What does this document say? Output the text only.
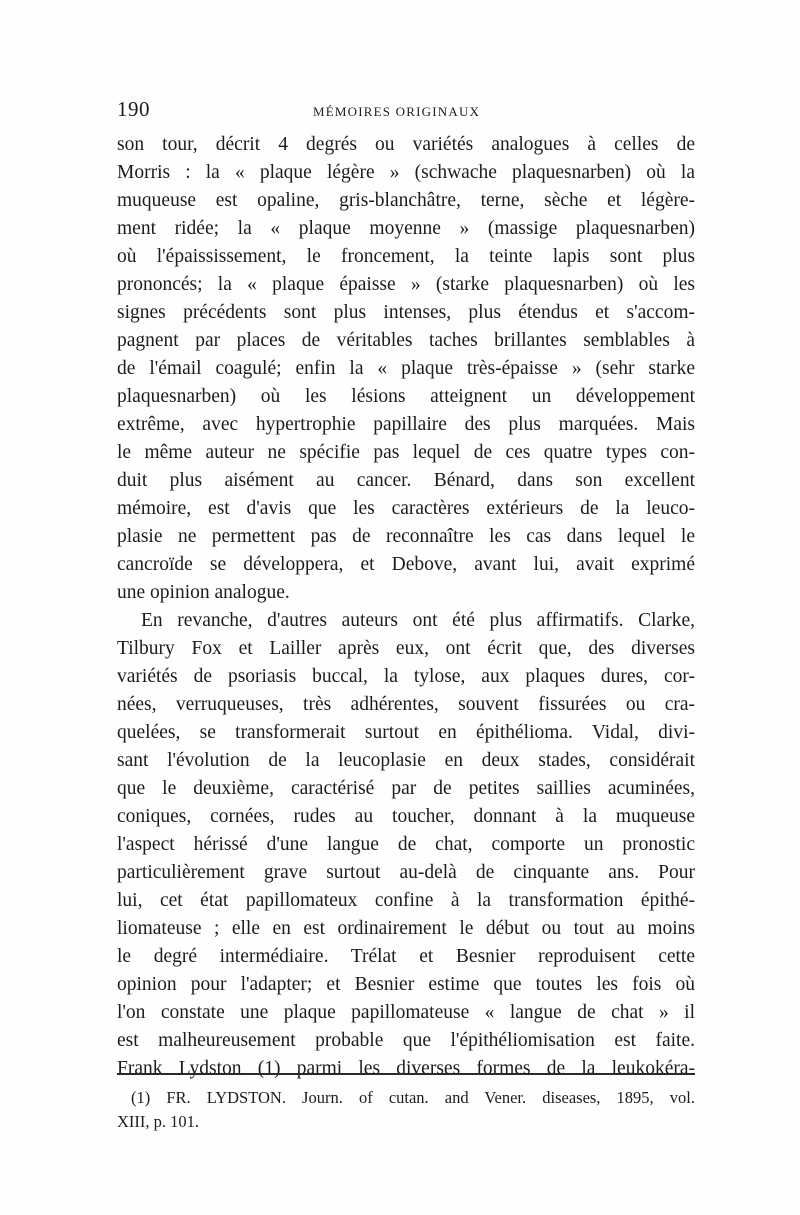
190	MÉMOIRES ORIGINAUX
son tour, décrit 4 degrés ou variétés analogues à celles de
Morris : la « plaque légère » (schwache plaquesnarben) où la
muqueuse est opaline, gris-blanchâtre, terne, sèche et légère-
ment ridée; la « plaque moyenne » (massige plaquesnarben)
où l'épaississement, le froncement, la teinte lapis sont plus
prononcés; la « plaque épaisse » (starke plaquesnarben) où les
signes précédents sont plus intenses, plus étendus et s'accom-
pagnent par places de véritables taches brillantes semblables à
de l'émail coagulé; enfin la « plaque très-épaisse » (sehr starke
plaquesnarben) où les lésions atteignent un développement
extrême, avec hypertrophie papillaire des plus marquées. Mais
le même auteur ne spécifie pas lequel de ces quatre types con-
duit plus aisément au cancer. Bénard, dans son excellent
mémoire, est d'avis que les caractères extérieurs de la leuco-
plasie ne permettent pas de reconnaître les cas dans lequel le
cancroïde se développera, et Debove, avant lui, avait exprimé
une opinion analogue.
En revanche, d'autres auteurs ont été plus affirmatifs. Clarke,
Tilbury Fox et Lailler après eux, ont écrit que, des diverses
variétés de psoriasis buccal, la tylose, aux plaques dures, cor-
nées, verruqueuses, très adhérentes, souvent fissurées ou cra-
quelées, se transformerait surtout en épithélioma. Vidal, divi-
sant l'évolution de la leucoplasie en deux stades, considérait
que le deuxième, caractérisé par de petites saillies acuminées,
coniques, cornées, rudes au toucher, donnant à la muqueuse
l'aspect hérissé d'une langue de chat, comporte un pronostic
particulièrement grave surtout au-delà de cinquante ans. Pour
lui, cet état papillomateux confine à la transformation épithé-
liomateuse ; elle en est ordinairement le début ou tout au moins
le degré intermédiaire. Trélat et Besnier reproduisent cette
opinion pour l'adapter; et Besnier estime que toutes les fois où
l'on constate une plaque papillomateuse « langue de chat » il
est malheureusement probable que l'épithéliomisation est faite.
Frank Lydston (1) parmi les diverses formes de la leukokéra-
(1) FR. LYDSTON. Journ. of cutan. and Vener. diseases, 1895, vol.
XIII, p. 101.
